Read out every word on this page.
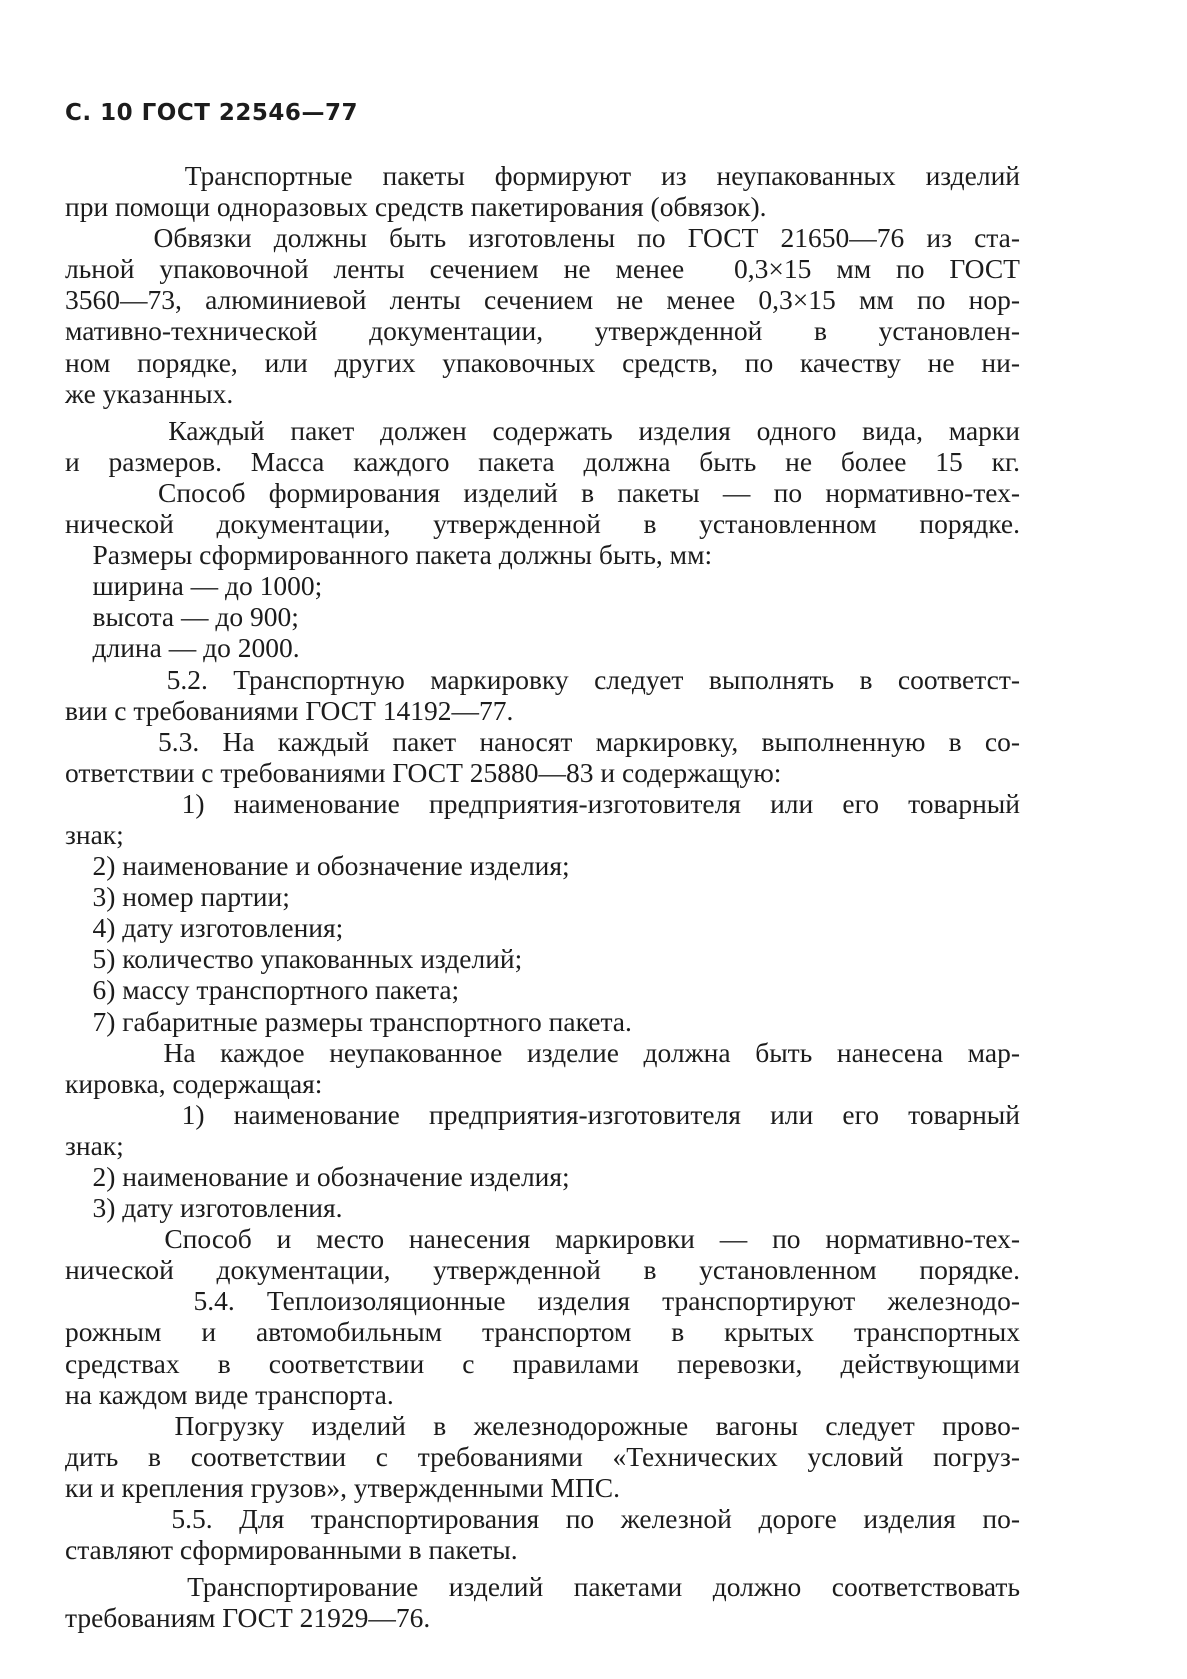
С. 10 ГОСТ 22546—77
Транспортные пакеты формируют из неупакованных изделий
при помощи одноразовых средств пакетирования (обвязок).
Обвязки должны быть изготовлены по ГОСТ 21650—76 из ста-
льной упаковочной ленты сечением не менее  0,3×15 мм по ГОСТ
3560—73, алюминиевой ленты сечением не менее 0,3×15 мм по нор-
мативно-технической документации, утвержденной в установлен-
ном порядке, или других упаковочных средств, по качеству не ни-
же указанных.
Каждый пакет должен содержать изделия одного вида, марки
и размеров. Масса каждого пакета должна быть не более 15 кг.
Способ формирования изделий в пакеты — по нормативно-тех-
нической документации, утвержденной в установленном порядке.
Размеры сформированного пакета должны быть, мм:
ширина — до 1000;
высота — до 900;
длина — до 2000.
5.2. Транспортную маркировку следует выполнять в соответст-
вии с требованиями ГОСТ 14192—77.
5.3. На каждый пакет наносят маркировку, выполненную в со-
ответствии с требованиями ГОСТ 25880—83 и содержащую:
1) наименование предприятия-изготовителя или его товарный
знак;
2) наименование и обозначение изделия;
3) номер партии;
4) дату изготовления;
5) количество упакованных изделий;
6) массу транспортного пакета;
7) габаритные размеры транспортного пакета.
На каждое неупакованное изделие должна быть нанесена мар-
кировка, содержащая:
1) наименование предприятия-изготовителя или его товарный
знак;
2) наименование и обозначение изделия;
3) дату изготовления.
Способ и место нанесения маркировки — по нормативно-тех-
нической документации, утвержденной в установленном порядке.
5.4. Теплоизоляционные изделия транспортируют железнодо-
рожным и автомобильным транспортом в крытых транспортных
средствах в соответствии с правилами перевозки, действующими
на каждом виде транспорта.
Погрузку изделий в железнодорожные вагоны следует прово-
дить в соответствии с требованиями «Технических условий погруз-
ки и крепления грузов», утвержденными МПС.
5.5. Для транспортирования по железной дороге изделия по-
ставляют сформированными в пакеты.
Транспортирование изделий пакетами должно соответствовать
требованиям ГОСТ 21929—76.
